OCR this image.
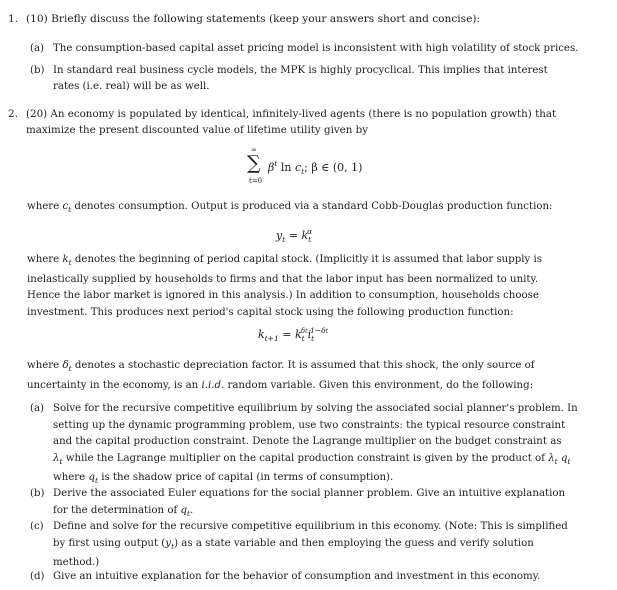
1. (10) Briefly discuss the following statements (keep your answers short and concise):
(a) The consumption-based capital asset pricing model is inconsistent with high volatility of stock prices.
(b) In standard real business cycle models, the MPK is highly procyclical. This implies that interest
rates (i.e. real) will be as well.
2. (20) An economy is populated by identical, infinitely-lived agents (there is no population growth) that
maximize the present discounted value of lifetime utility given by
∞
∑
t=0
$\beta^t$ $\ln c_t$; β ∈ (0, 1)
where $c_t$ denotes consumption. Output is produced via a standard Cobb-Douglas production function:
$y_t = k_t^\alpha$
where $k_t$ denotes the beginning of period capital stock. (Implicitly it is assumed that labor supply is
inelastically supplied by households to firms and that the labor input has been normalized to unity.
Hence the labor market is ignored in this analysis.) In addition to consumption, households choose
investment. This produces next period's capital stock using the following production function:
$k_{t+1} = k_t^{\delta t}i_t^{1-\delta t}$
where $\delta_t$ denotes a stochastic depreciation factor. It is assumed that this shock, the only source of
uncertainty in the economy, is an i.i.d. random variable. Given this environment, do the following:
(a) Solve for the recursive competitive equilibrium by solving the associated social planner's problem. In
setting up the dynamic programming problem, use two constraints: the typical resource constraint
and the capital production constraint. Denote the Lagrange multiplier on the budget constraint as
$\lambda_t$ while the Lagrange multiplier on the capital production constraint is given by the product of $\lambda_t$ $q_t$
where $q_t$ is the shadow price of capital (in terms of consumption).
(b) Derive the associated Euler equations for the social planner problem. Give an intuitive explanation
for the determination of $q_t$.
(c) Define and solve for the recursive competitive equilibrium in this economy. (Note: This is simplified
by first using output $(y_t)$ as a state variable and then employing the guess and verify solution
method.)
(d) Give an intuitive explanation for the behavior of consumption and investment in this economy.
